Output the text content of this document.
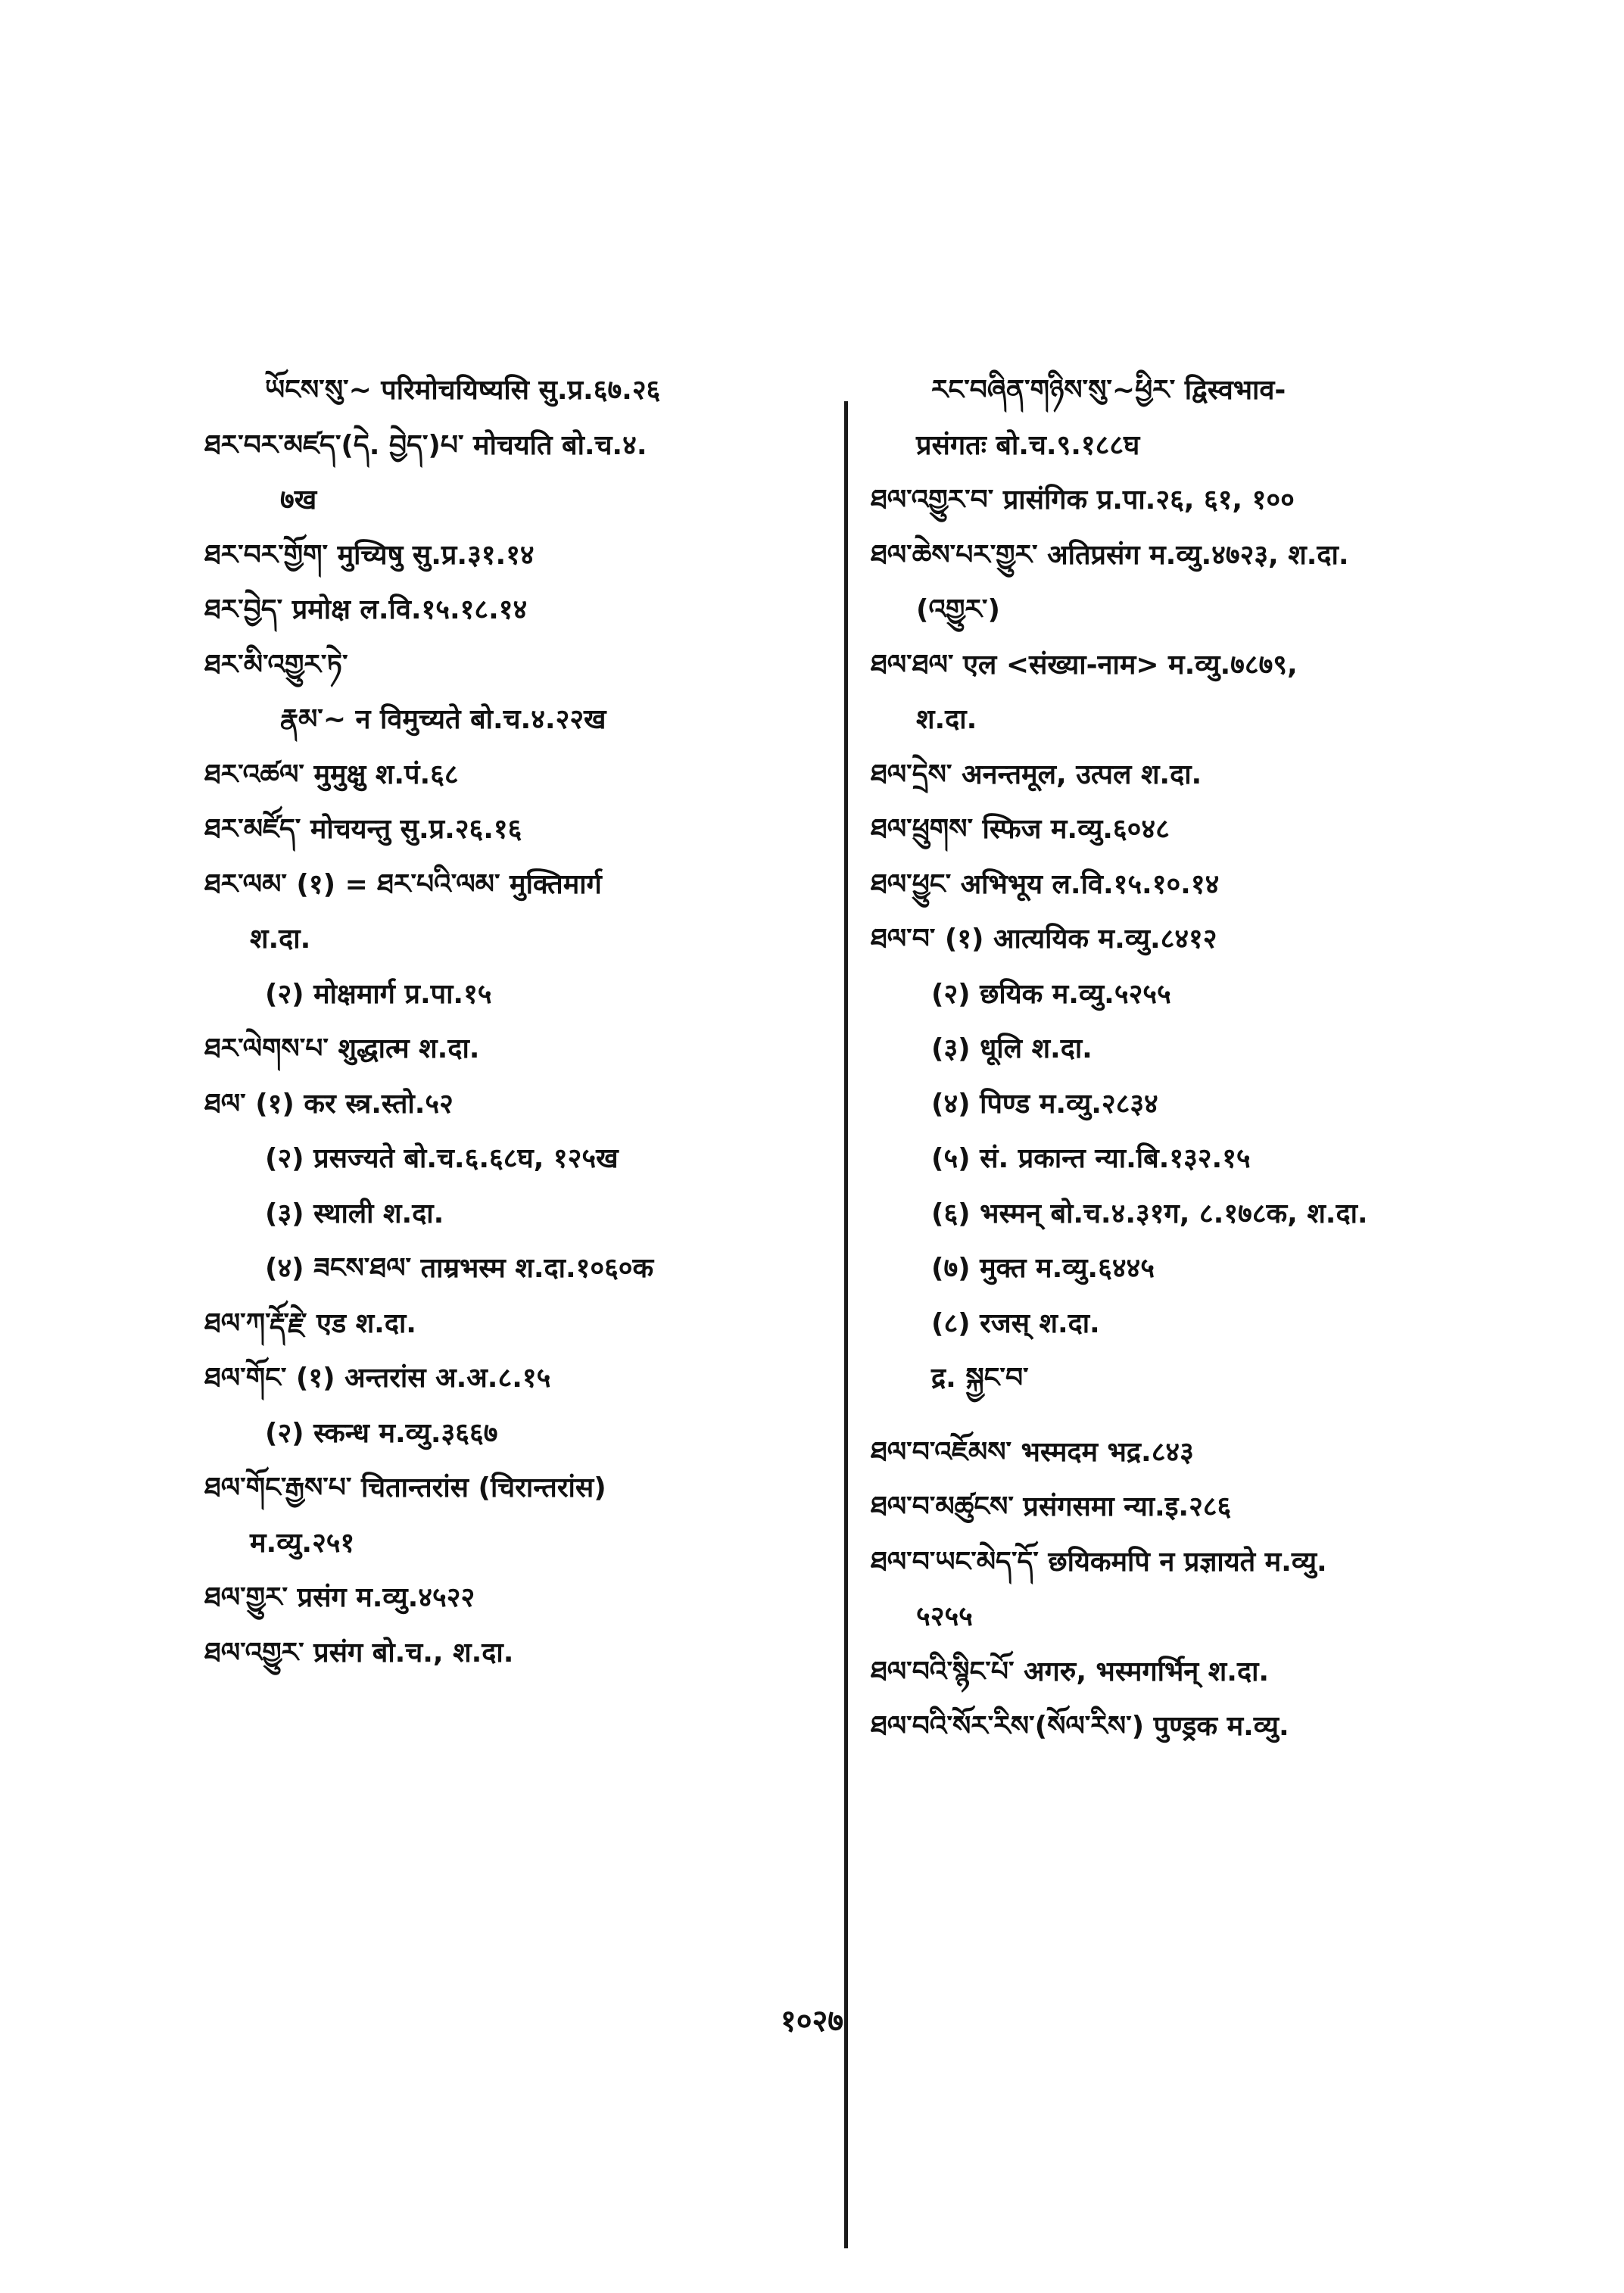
ཡོངས་སུ་~ परिमोचयिष्यसि सु.प्र.६७.२६
ཐར་བར་མཛད་(དེ. བྱེད་)པ་ मोचयति बो.च.४.
७ख
ཐར་བར་གྱོག་ मुच्यिषु सु.प्र.३१.१४
ཐར་བྱེད་ प्रमोक्ष ल.वि.१५.१८.१४
ཐར་མི་འགྱུར་ཏེ་
རྣམ་~ न विमुच्यते बो.च.४.२२ख
ཐར་འཚལ་ मुमुक्षु श.पं.६८
ཐར་མཛོད་ मोचयन्तु सु.प्र.२६.१६
ཐར་ལམ་ (१) = ཐར་པའི་ལམ་ मुक्तिमार्ग
श.दा.
(२) मोक्षमार्ग प्र.पा.१५
ཐར་ལེགས་པ་ शुद्धात्म श.दा.
ཐལ་ (१) कर स्त्र.स्तो.५२
(२) प्रसज्यते बो.च.६.६८घ, १२५ख
(३) स्थाली श.दा.
(४) ཟངས་ཐལ་ ताम्रभस्म श.दा.१०६०क
ཐལ་ཀ་རྡོ་རྗེ་ एड श.दा.
ཐལ་གོང་ (१) अन्तरांस अ.अ.८.१५
(२) स्कन्ध म.व्यु.३६६७
ཐལ་གོང་རྒྱས་པ་ चितान्तरांस (चिरान्तरांस)
म.व्यु.२५१
ཐལ་གྱུར་ प्रसंग म.व्यु.४५२२
ཐལ་འགྱུར་ प्रसंग बो.च., श.दा.
རང་བཞིན་གཉིས་སུ་~ཕྱིར་ द्विस्वभाव-
प्रसंगतः बो.च.९.१८८घ
ཐལ་འགྱུར་བ་ प्रासंगिक प्र.पा.२६, ६१, १००
ཐལ་ཆེས་པར་གྱུར་ अतिप्रसंग म.व्यु.४७२३, श.दा.
(འགྱུར་)
ཐལ་ཐལ་ एल <संख्या-नाम> म.व्यु.७८७९,
श.दा.
ཐལ་དྲེས་ अनन्तमूल, उत्पल श.दा.
ཐལ་ཕྲུགས་ स्फिज म.व्यु.६०४८
ཐལ་ཕྱུང་ अभिभूय ल.वि.१५.१०.१४
ཐལ་བ་ (१) आत्ययिक म.व्यु.८४१२
(२) छयिक म.व्यु.५२५५
(३) धूलि श.दा.
(४) पिण्ड म.व्यु.२८३४
(५) सं. प्रकान्त न्या.बि.१३२.१५
(६) भस्मन् बो.च.४.३१ग, ८.१७८क, श.दा.
(७) मुक्त म.व्यु.६४४५
(८) रजस् श.दा.
द्र. སྐྱང་བ་
ཐལ་བ་འཇོམས་ भस्मदम भद्र.८४३
ཐལ་བ་མཚུངས་ प्रसंगसमा न्या.इ.२८६
ཐལ་བ་ཡང་མེད་དོ་ छयिकमपि न प्रज्ञायते म.व्यु.
५२५५
ཐལ་བའི་སྙིང་པོ་ अगरु, भस्मगर्भिन् श.दा.
ཐལ་བའི་སོར་རིས་(སོལ་རིས་) पुण्ड्रक म.व्यु.
१०२७
